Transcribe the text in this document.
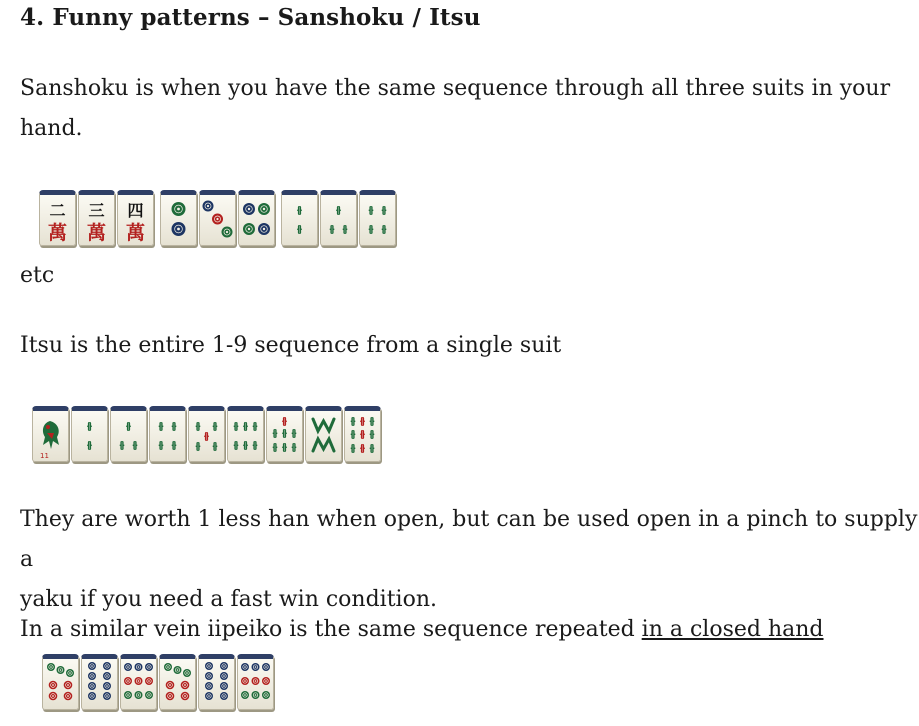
4. Funny patterns – Sanshoku / Itsu

Sanshoku is when you have the same sequence through all three suits in your
hand.

二
萬
三
萬
四
萬

etc

Itsu is the entire 1-9 sequence from a single suit

11

They are worth 1 less han when open, but can be used open in a pinch to supply a
yaku if you need a fast win condition.

In a similar vein iipeiko is the same sequence repeated in a closed hand
